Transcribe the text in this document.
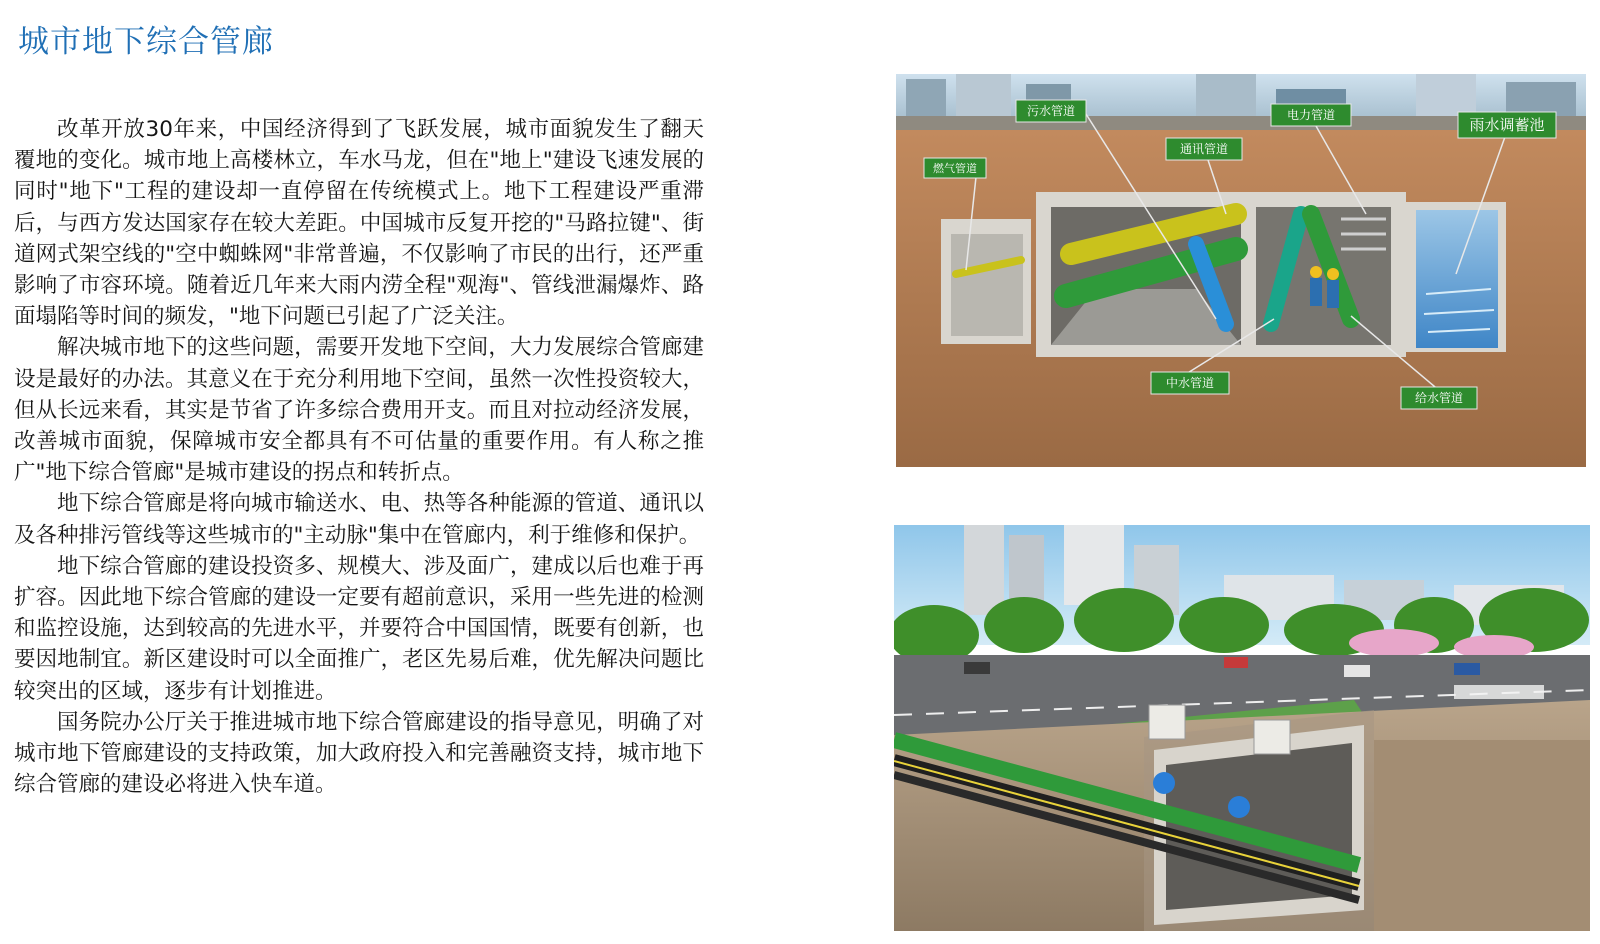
城市地下综合管廊

改革开放30年来，中国经济得到了飞跃发展，城市面貌发生了翻天覆地的变化。城市地上高楼林立，车水马龙，但在"地上"建设飞速发展的同时"地下"工程的建设却一直停留在传统模式上。地下工程建设严重滞后，与西方发达国家存在较大差距。中国城市反复开挖的"马路拉键"、街道网式架空线的"空中蜘蛛网"非常普遍，不仅影响了市民的出行，还严重影响了市容环境。随着近几年来大雨内涝全程"观海"、管线泄漏爆炸、路面塌陷等时间的频发，"地下问题已引起了广泛关注。

解决城市地下的这些问题，需要开发地下空间，大力发展综合管廊建设是最好的办法。其意义在于充分利用地下空间，虽然一次性投资较大，但从长远来看，其实是节省了许多综合费用开支。而且对拉动经济发展，改善城市面貌，保障城市安全都具有不可估量的重要作用。有人称之推广"地下综合管廊"是城市建设的拐点和转折点。

地下综合管廊是将向城市输送水、电、热等各种能源的管道、通讯以及各种排污管线等这些城市的"主动脉"集中在管廊内，利于维修和保护。

地下综合管廊的建设投资多、规模大、涉及面广，建成以后也难于再扩容。因此地下综合管廊的建设一定要有超前意识，采用一些先进的检测和监控设施，达到较高的先进水平，并要符合中国国情，既要有创新，也要因地制宜。新区建设时可以全面推广，老区先易后难，优先解决问题比较突出的区域，逐步有计划推进。

国务院办公厅关于推进城市地下综合管廊建设的指导意见，明确了对城市地下管廊建设的支持政策，加大政府投入和完善融资支持，城市地下综合管廊的建设必将进入快车道。

燃气管道
污水管道
通讯管道
电力管道
雨水调蓄池
中水管道
给水管道
